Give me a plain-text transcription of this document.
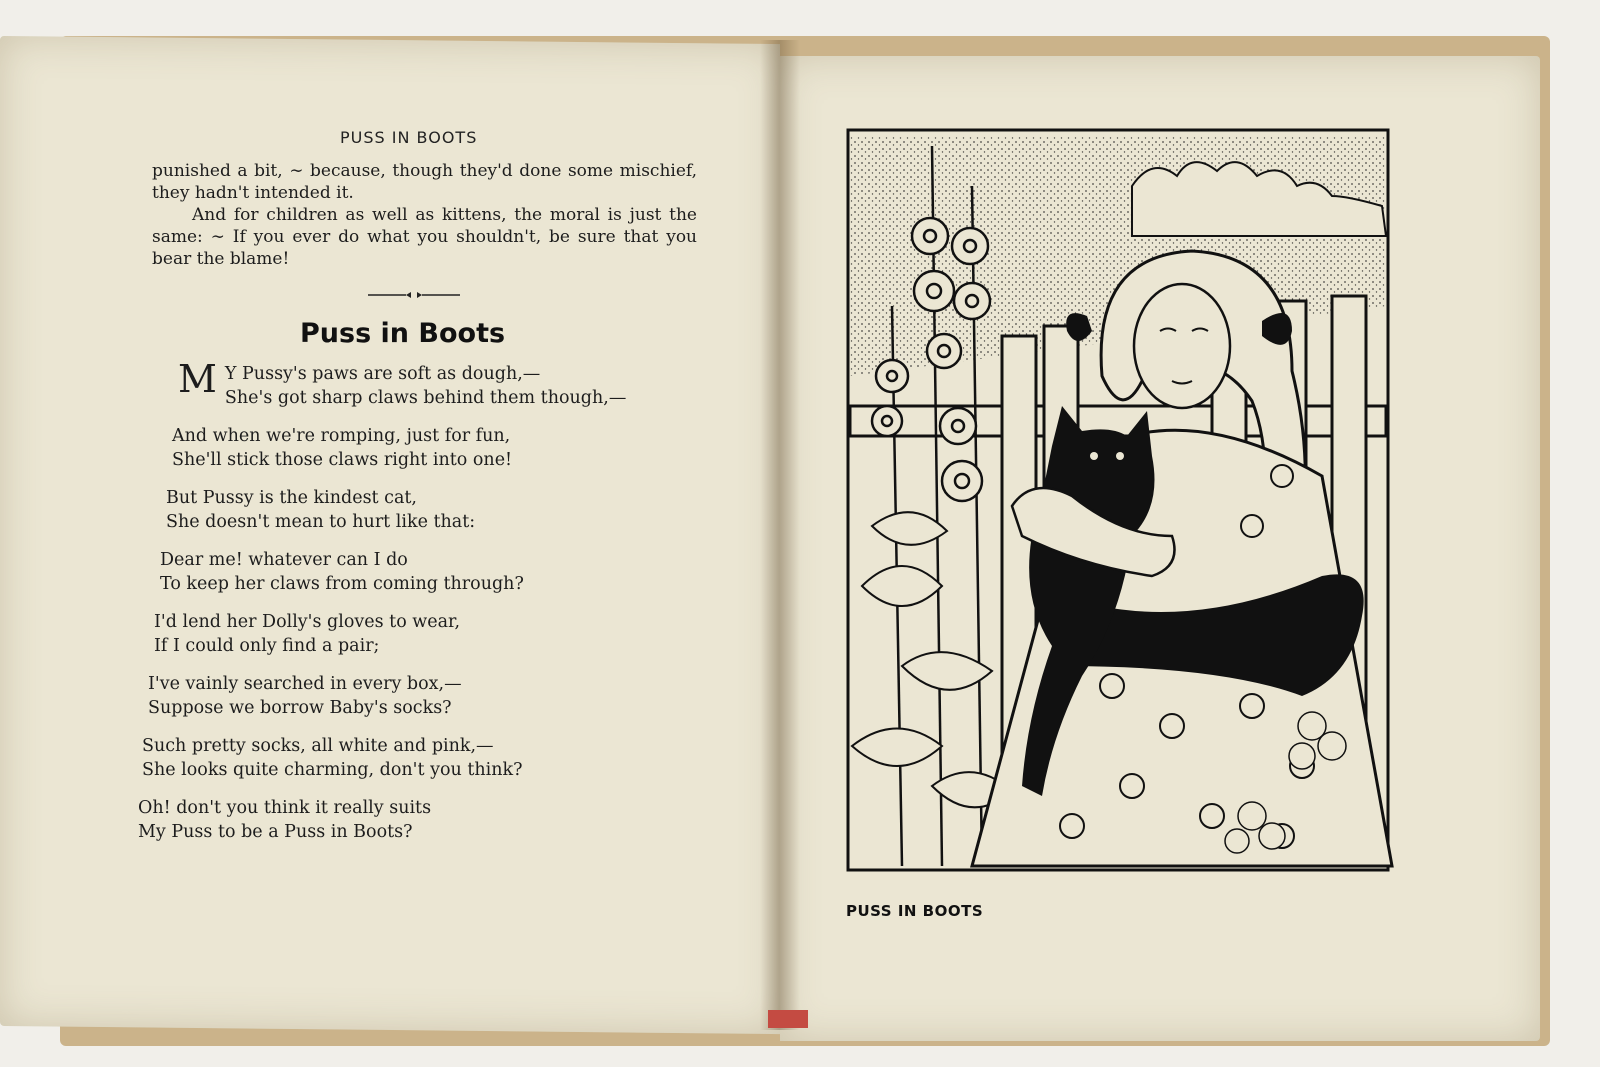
PUSS IN BOOTS

punished a bit, ∼ because, though they'd done some mischief, they hadn't intended it.

And for children as well as kittens, the moral is just the same: ∼ If you ever do what you shouldn't, be sure that you bear the blame!

Puss in Boots
M Y Pussy's paws are soft as dough,—
She's got sharp claws behind them though,—
And when we're romping, just for fun,
She'll stick those claws right into one!
But Pussy is the kindest cat,
She doesn't mean to hurt like that:
Dear me! whatever can I do
To keep her claws from coming through?
I'd lend her Dolly's gloves to wear,
If I could only find a pair;
I've vainly searched in every box,—
Suppose we borrow Baby's socks?
Such pretty socks, all white and pink,—
She looks quite charming, don't you think?
Oh! don't you think it really suits
My Puss to be a Puss in Boots?
PUSS IN BOOTS
